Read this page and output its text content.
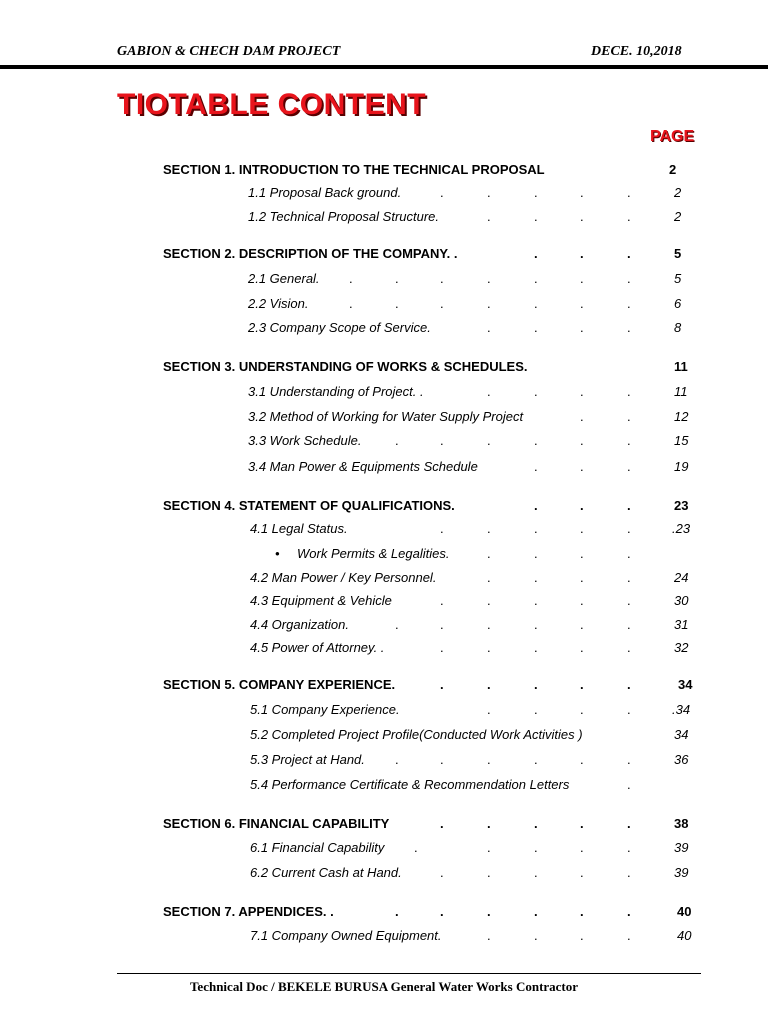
GABION & CHECH DAM PROJECT	DECE. 10,2018
TIOTABLE CONTENT
PAGE
SECTION 1. INTRODUCTION TO THE TECHNICAL PROPOSAL	2
1.1 Proposal Back ground.	.	.	.	.	.	2
1.2 Technical Proposal Structure.	.	.	.	.	2
SECTION 2. DESCRIPTION OF THE COMPANY. .	.	.	.	5
2.1 General. .	.	.	.	.	.	.	5
2.2 Vision.	.	.	.	.	.	.	.	6
2.3 Company Scope of Service.	.	.	.	.	8
SECTION 3. UNDERSTANDING OF WORKS & SCHEDULES.	11
3.1 Understanding of Project. .	.	.	.	.	11
3.2 Method of Working for Water Supply Project	.	.	12
3.3 Work Schedule.	.	.	.	.	.	.	15
3.4 Man Power & Equipments Schedule	.	.	.	19
SECTION 4. STATEMENT OF QUALIFICATIONS.	.	.	.	23
4.1 Legal Status.	.	.	.	.	.	.23
• Work Permits & Legalities.	.	.	.	.
4.2 Man Power / Key Personnel.	.	.	.	.	24
4.3 Equipment & Vehicle	.	.	.	.	.	30
4.4 Organization.	.	.	.	.	.	.	31
4.5 Power of Attorney. .	.	.	.	.	.	32
SECTION 5. COMPANY EXPERIENCE.	.	.	.	.	.	34
5.1 Company Experience.	.	.	.	.	.34
5.2 Completed Project Profile(Conducted Work Activities )	34
5.3 Project at Hand. .	.	.	.	.	.	36
5.4 Performance Certificate & Recommendation Letters	.
SECTION 6. FINANCIAL CAPABILITY	.	.	.	.	.	38
6.1 Financial Capability .	.	.	.	.	39
6.2 Current Cash at Hand.	.	.	.	.	.	39
SECTION 7. APPENDICES. .	.	.	.	.	.	.	40
7.1 Company Owned Equipment.	.	.	.	.	40
Technical Doc / BEKELE BURUSA General Water Works Contractor
